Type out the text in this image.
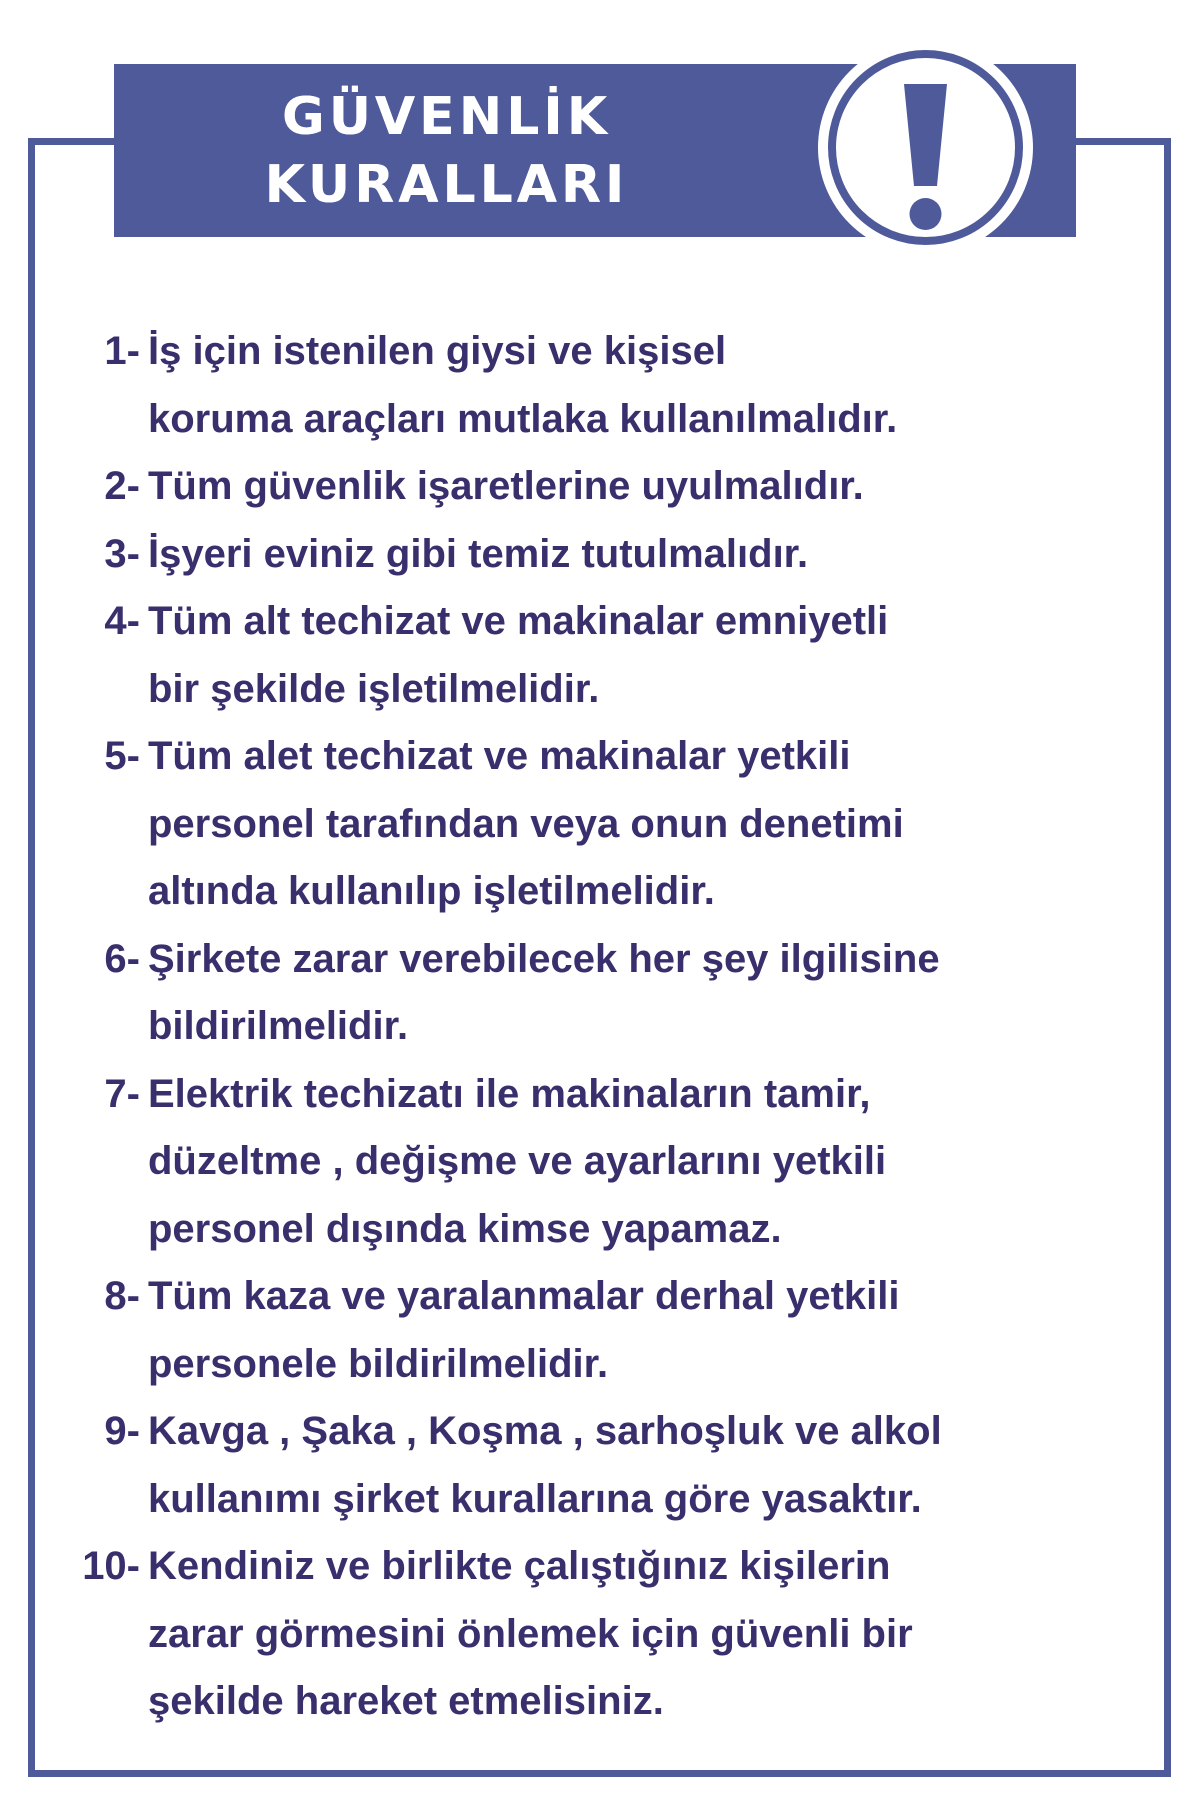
GÜVENLİK
KURALLARI
1- İş için istenilen giysi ve kişisel
koruma araçları mutlaka kullanılmalıdır.
2- Tüm güvenlik işaretlerine uyulmalıdır.
3- İşyeri eviniz gibi temiz tutulmalıdır.
4- Tüm alt techizat ve makinalar emniyetli
bir şekilde işletilmelidir.
5- Tüm alet techizat ve makinalar yetkili
personel tarafından veya onun denetimi
altında kullanılıp işletilmelidir.
6- Şirkete zarar verebilecek her şey ilgilisine
bildirilmelidir.
7- Elektrik techizatı ile makinaların tamir,
düzeltme , değişme ve ayarlarını yetkili
personel dışında kimse yapamaz.
8- Tüm kaza ve yaralanmalar derhal yetkili
personele bildirilmelidir.
9- Kavga , Şaka , Koşma , sarhoşluk ve alkol
kullanımı şirket kurallarına göre yasaktır.
10- Kendiniz ve birlikte çalıştığınız kişilerin
zarar görmesini önlemek için güvenli bir
şekilde hareket etmelisiniz.
